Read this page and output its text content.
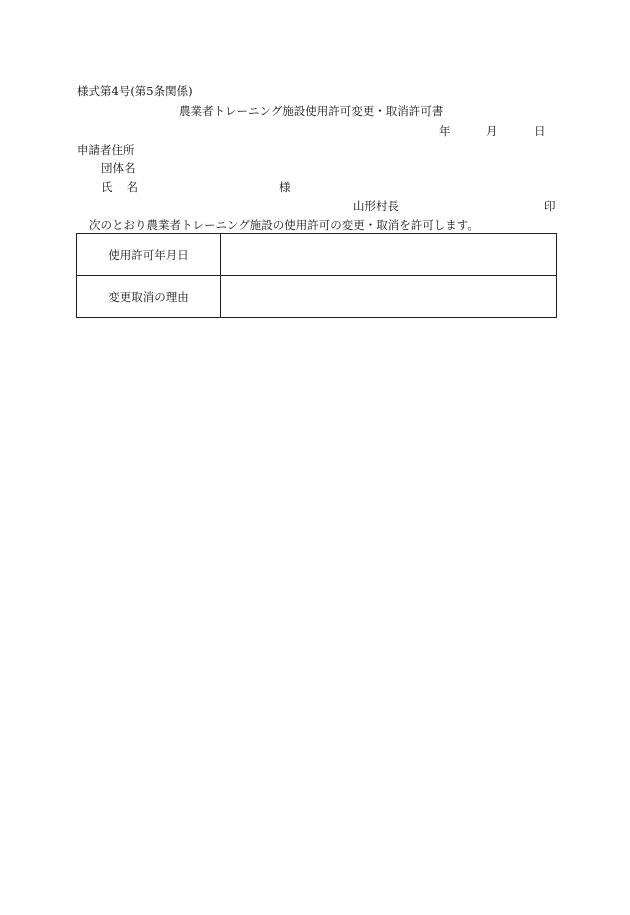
様式第4号(第5条関係)
農業者トレーニング施設使用許可変更・取消許可書
年	月	日
申請者住所
団体名
氏 名	様
山形村長	印
次のとおり農業者トレーニング施設の使用許可の変更・取消を許可します。
使用許可年月日	
変更取消の理由	
